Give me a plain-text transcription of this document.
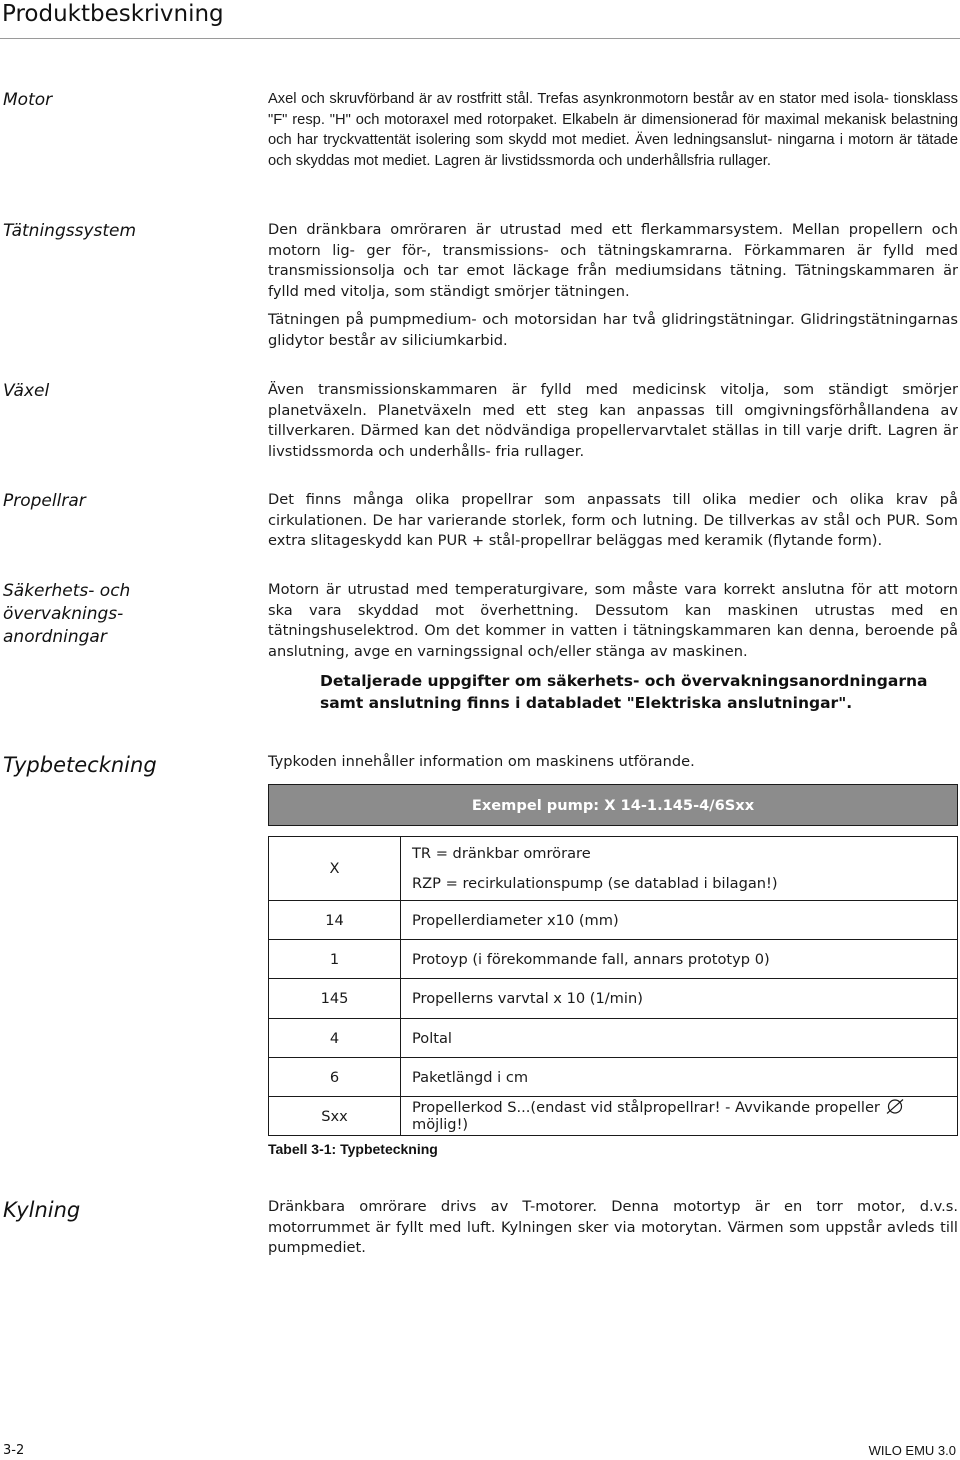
Produktbeskrivning
Motor	Axel och skruvförband är av rostfritt stål. Trefas asynkronmotorn består av en stator med isola- tionsklass "F" resp. "H" och motoraxel med rotorpaket. Elkabeln är dimensionerad för maximal mekanisk belastning och har tryckvattentät isolering som skydd mot mediet. Även ledningsanslut- ningarna i motorn är tätade och skyddas mot mediet. Lagren är livstidssmorda och underhållsfria rullager.

Tätningssystem	Den dränkbara omröraren är utrustad med ett flerkammarsystem. Mellan propellern och motorn lig- ger för-, transmissions- och tätningskamrarna. Förkammaren är fylld med transmissionsolja och tar emot läckage från mediumsidans tätning. Tätningskammaren är fylld med vitolja, som ständigt smörjer tätningen.

Tätningen på pumpmedium- och motorsidan har två glidringstätningar. Glidringstätningarnas glidytor består av siliciumkarbid.

Växel	Även transmissionskammaren är fylld med medicinsk vitolja, som ständigt smörjer planetväxeln. Planetväxeln med ett steg kan anpassas till omgivningsförhållandena av tillverkaren. Därmed kan det nödvändiga propellervarvtalet ställas in till varje drift. Lagren är livstidssmorda och underhålls- fria rullager.

Propellrar	Det finns många olika propellrar som anpassats till olika medier och olika krav på cirkulationen. De har varierande storlek, form och lutning. De tillverkas av stål och PUR. Som extra slitageskydd kan PUR + stål-propellrar beläggas med keramik (flytande form).

Säkerhets- och övervaknings-
anordningar

Motorn är utrustad med temperaturgivare, som måste vara korrekt anslutna för att motorn ska vara skyddad mot överhettning. Dessutom kan maskinen utrustas med en tätningshuselektrod. Om det kommer in vatten i tätningskammaren kan denna, beroende på anslutning, avge en varningssignal och/eller stänga av maskinen.

Detaljerade uppgifter om säkerhets- och övervakningsanordningarna
samt anslutning finns i databladet "Elektriska anslutningar".
Typbeteckning	Typkoden innehåller information om maskinens utförande.
Exempel pump: X 14-1.145-4/6Sxx	

X	TR = dränkbar omrörare
RZP = recirkulationspump (se datablad i bilagan!)

14	Propellerdiameter x10 (mm)
1	Protoyp (i förekommande fall, annars prototyp 0)
145	Propellerns varvtal x 10 (1/min)
4	Poltal
6	Paketlängd i cm
Sxx	Propellerkod S...(endast vid stålpropellrar! - Avvikande propellermöjlig!)
Tabell 3-1: Typbeteckning
Kylning	Dränkbara omrörare drivs av T-motorer. Denna motortyp är en torr motor, d.v.s. motorrummet är fyllt med luft. Kylningen sker via motorytan. Värmen som uppstår avleds till pumpmediet.

3-2	WILO EMU 3.0
